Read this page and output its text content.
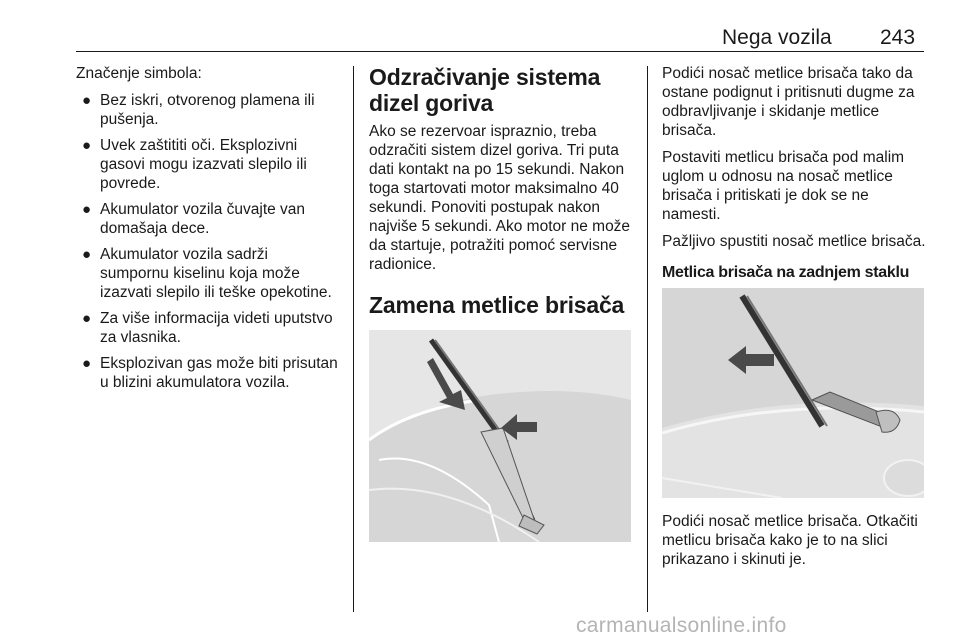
Nega vozila 243

Značenje simbola:

● Bez iskri, otvorenog plamena ili pušenja.
● Uvek zaštititi oči. Eksplozivni gasovi mogu izazvati slepilo ili povrede.
● Akumulator vozila čuvajte van domašaja dece.
● Akumulator vozila sadrži sumpornu kiselinu koja može izazvati slepilo ili teške opekotine.
● Za više informacija videti uputstvo za vlasnika.
● Eksplozivan gas može biti prisutan u blizini akumulatora vozila.
Odzračivanje sistema dizel goriva

Ako se rezervoar ispraznio, treba odzračiti sistem dizel goriva. Tri puta dati kontakt na po 15 sekundi. Nakon toga startovati motor maksimalno 40 sekundi. Ponoviti postupak nakon najviše 5 sekundi. Ako motor ne može da startuje, potražiti pomoć servisne radionice.

Zamena metlice brisača

Podići nosač metlice brisača tako da ostane podignut i pritisnuti dugme za odbravljivanje i skidanje metlice brisača.

Postaviti metlicu brisača pod malim uglom u odnosu na nosač metlice brisača i pritiskati je dok se ne namesti.

Pažljivo spustiti nosač metlice brisača.

Metlica brisača na zadnjem staklu

Podići nosač metlice brisača. Otkačiti metlicu brisača kako je to na slici prikazano i skinuti je.

carmanualsonline.info
